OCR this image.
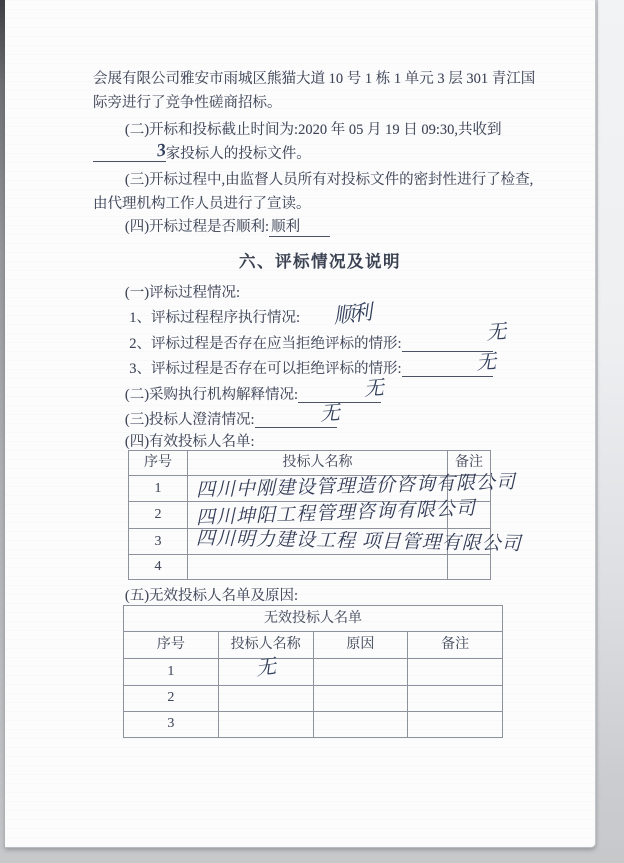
会展有限公司雅安市雨城区熊猫大道 10 号 1 栋 1 单元 3 层 301 青江国际旁进行了竞争性磋商招标。

(二)开标和投标截止时间为:2020 年 05 月 19 日 09:30,共收到3家投标人的投标文件。

(三)开标过程中,由监督人员所有对投标文件的密封性进行了检查,由代理机构工作人员进行了宣读。

(四)开标过程是否顺利: 顺利

六、评标情况及说明

(一)评标过程情况:

1、评标过程程序执行情况: 顺利

2、评标过程是否存在应当拒绝评标的情形:	无

3、评标过程是否存在可以拒绝评标的情形:	无

(二)采购执行机构解释情况:	无

(三)投标人澄清情况:	无

(四)有效投标人名单:

序号	投标人名称	备注
1	四川中刚建设管理造价咨询有限公司	
2	四川坤阳工程管理咨询有限公司	
3	四川明力建设工程 项目管理有限公司	
4		

(五)无效投标人名单及原因:

无效投标人名单			
序号	投标人名称	原因	备注
1	无		
2			
3			
